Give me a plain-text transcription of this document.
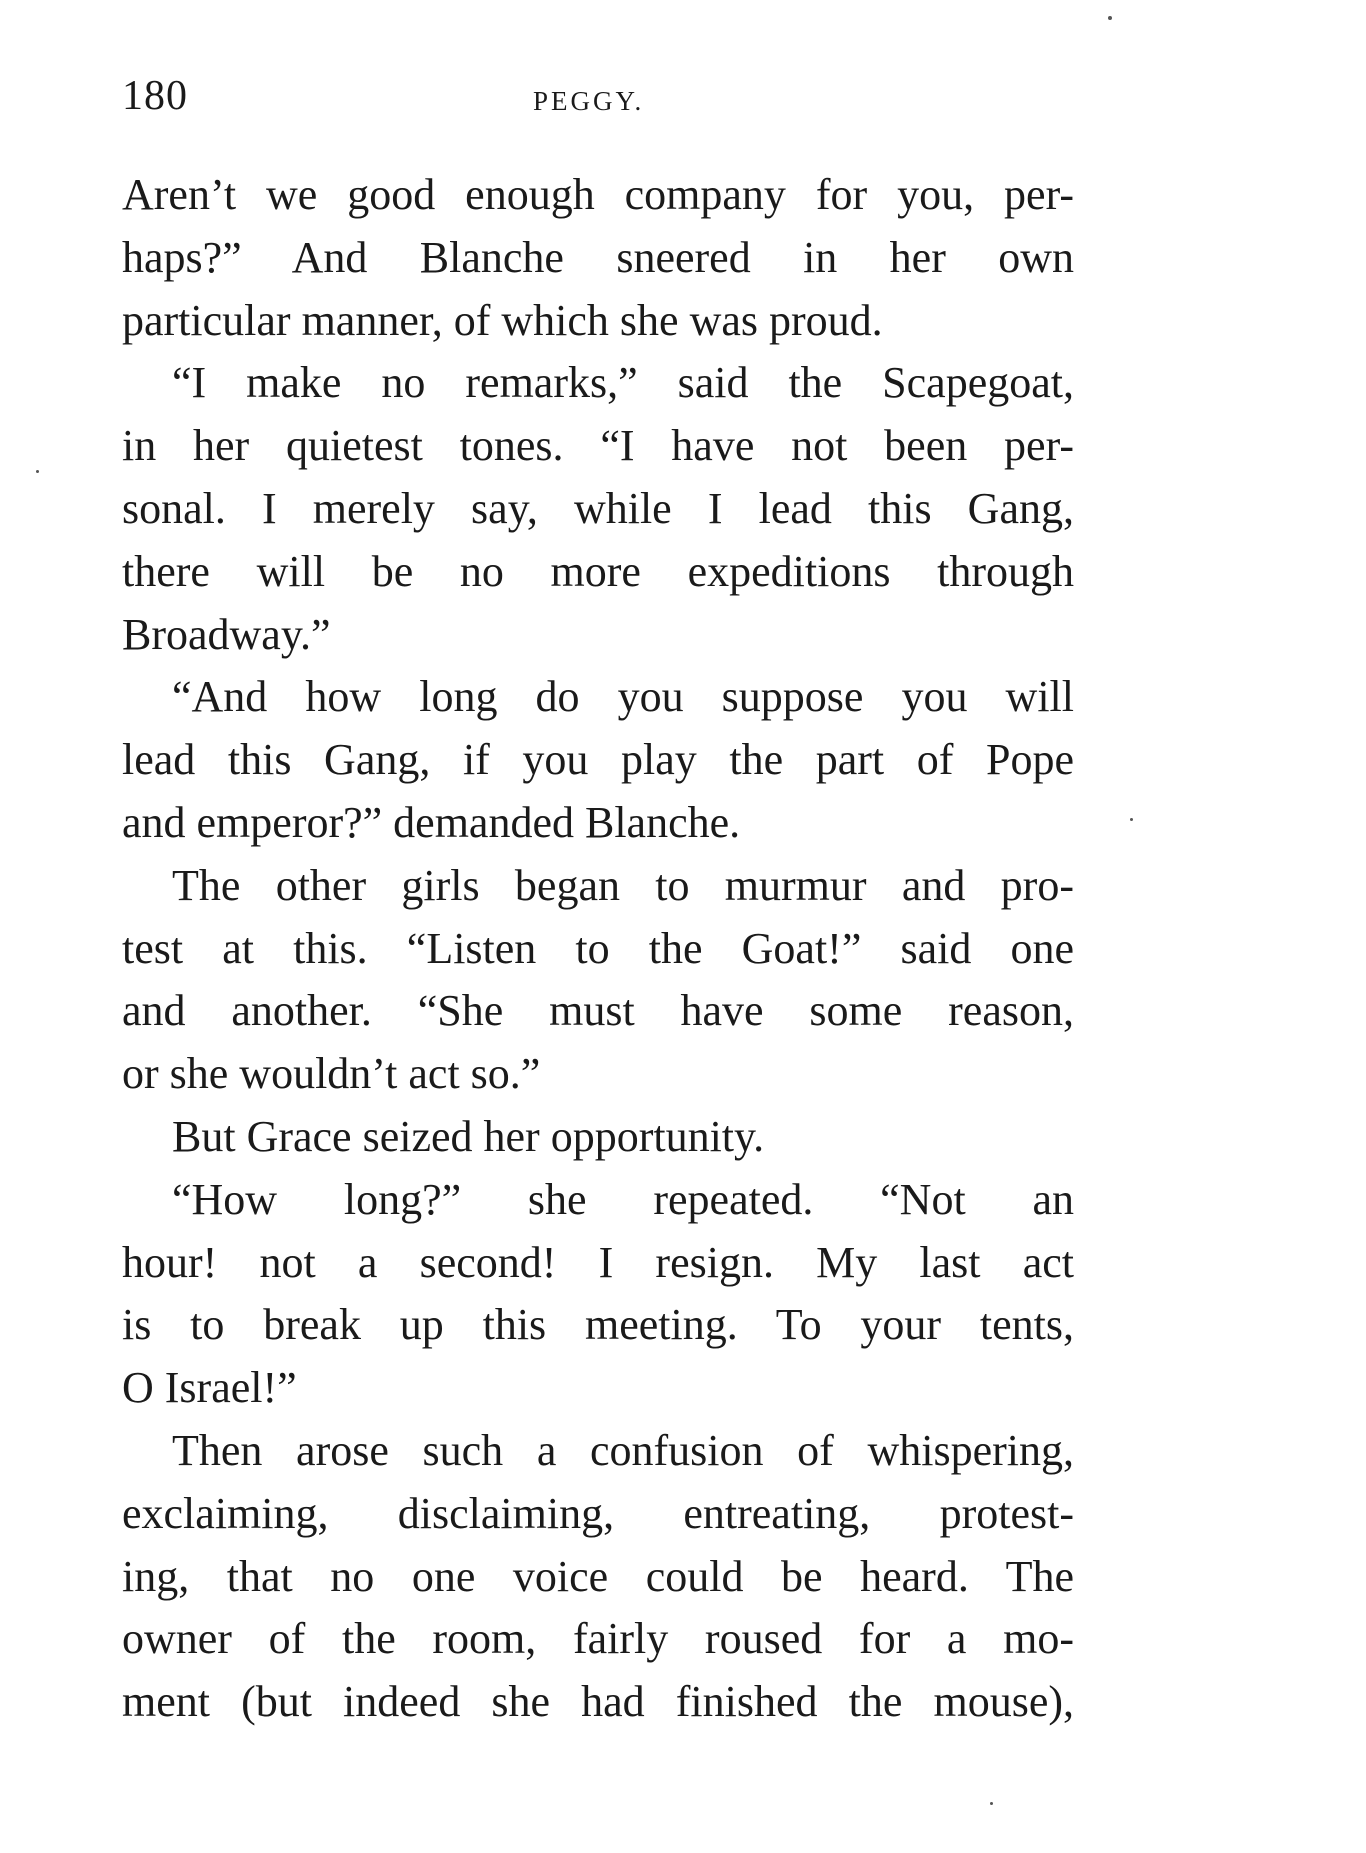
180	PEGGY.
Aren’t we good enough company for you, per-
haps?” And Blanche sneered in her own
particular manner, of which she was proud.
“I make no remarks,” said the Scapegoat,
in her quietest tones. “I have not been per-
sonal. I merely say, while I lead this Gang,
there will be no more expeditions through
Broadway.”
“And how long do you suppose you will
lead this Gang, if you play the part of Pope
and emperor?” demanded Blanche.
The other girls began to murmur and pro-
test at this. “Listen to the Goat!” said one
and another. “She must have some reason,
or she wouldn’t act so.”
But Grace seized her opportunity.
“How long?” she repeated. “Not an
hour! not a second! I resign. My last act
is to break up this meeting. To your tents,
O Israel!”
Then arose such a confusion of whispering,
exclaiming, disclaiming, entreating, protest-
ing, that no one voice could be heard. The
owner of the room, fairly roused for a mo-
ment (but indeed she had finished the mouse),
